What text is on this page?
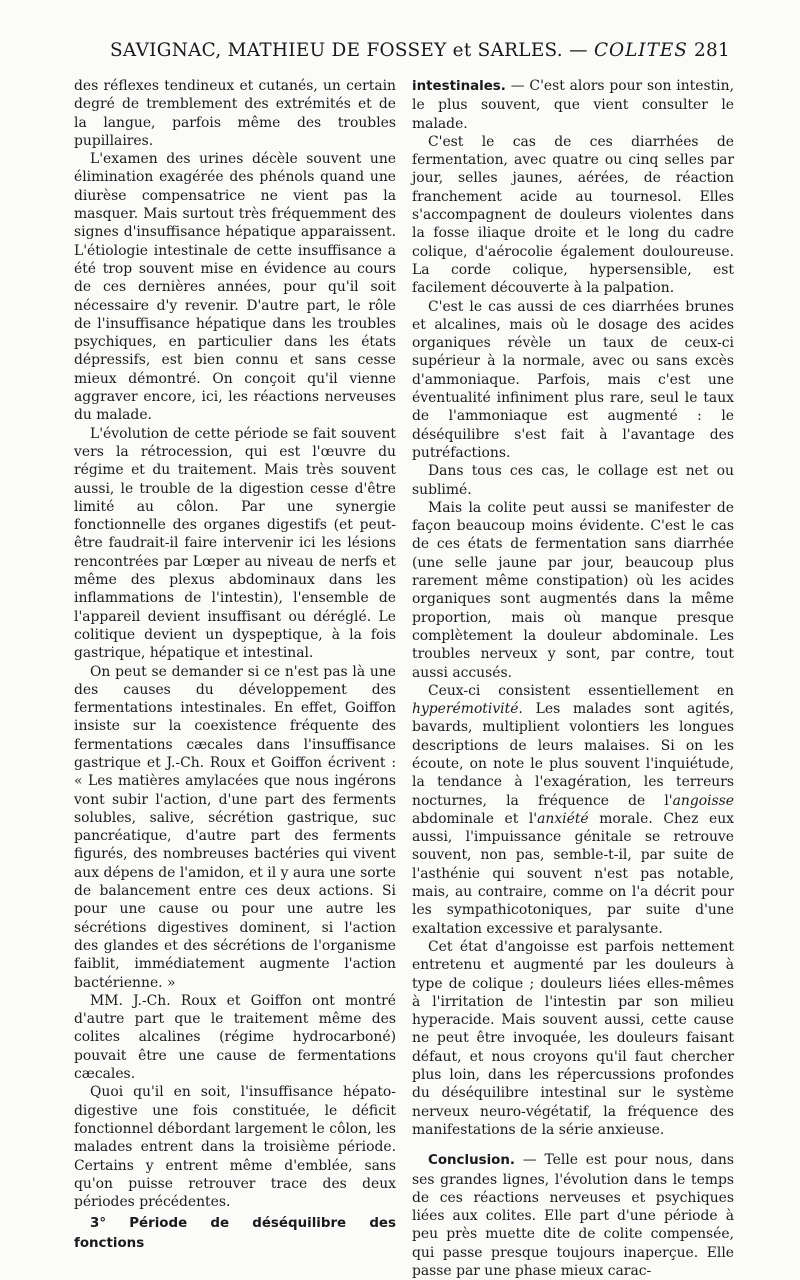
SAVIGNAC, MATHIEU DE FOSSEY et SARLES. — COLITES 281

des réflexes tendineux et cutanés, un certain degré de tremblement des extrémités et de la langue, parfois même des troubles pupillaires.

L'examen des urines décèle souvent une élimination exagérée des phénols quand une diurèse compensatrice ne vient pas la masquer. Mais surtout très fréquemment des signes d'insuffisance hépatique apparaissent. L'étiologie intestinale de cette insuffisance a été trop souvent mise en évidence au cours de ces dernières années, pour qu'il soit nécessaire d'y revenir. D'autre part, le rôle de l'insuffisance hépatique dans les troubles psychiques, en particulier dans les états dépressifs, est bien connu et sans cesse mieux démontré. On conçoit qu'il vienne aggraver encore, ici, les réactions nerveuses du malade.

L'évolution de cette période se fait souvent vers la rétrocession, qui est l'œuvre du régime et du traitement. Mais très souvent aussi, le trouble de la digestion cesse d'être limité au côlon. Par une synergie fonctionnelle des organes digestifs (et peut-être faudrait-il faire intervenir ici les lésions rencontrées par Lœper au niveau de nerfs et même des plexus abdominaux dans les inflammations de l'intestin), l'ensemble de l'appareil devient insuffisant ou déréglé. Le colitique devient un dyspeptique, à la fois gastrique, hépatique et intestinal.

On peut se demander si ce n'est pas là une des causes du développement des fermentations intestinales. En effet, Goiffon insiste sur la coexistence fréquente des fermentations cæcales dans l'insuffisance gastrique et J.-Ch. Roux et Goiffon écrivent : « Les matières amylacées que nous ingérons vont subir l'action, d'une part des ferments solubles, salive, sécrétion gastrique, suc pancréatique, d'autre part des ferments figurés, des nombreuses bactéries qui vivent aux dépens de l'amidon, et il y aura une sorte de balancement entre ces deux actions. Si pour une cause ou pour une autre les sécrétions digestives dominent, si l'action des glandes et des sécrétions de l'organisme faiblit, immédiatement augmente l'action bactérienne. »

MM. J.-Ch. Roux et Goiffon ont montré d'autre part que le traitement même des colites alcalines (régime hydrocarboné) pouvait être une cause de fermentations cæcales.

Quoi qu'il en soit, l'insuffisance hépato-digestive une fois constituée, le déficit fonctionnel débordant largement le côlon, les malades entrent dans la troisième période. Certains y entrent même d'emblée, sans qu'on puisse retrouver trace des deux périodes précédentes.

3° Période de déséquilibre des fonctions

intestinales. — C'est alors pour son intestin, le plus souvent, que vient consulter le malade.

C'est le cas de ces diarrhées de fermentation, avec quatre ou cinq selles par jour, selles jaunes, aérées, de réaction franchement acide au tournesol. Elles s'accompagnent de douleurs violentes dans la fosse iliaque droite et le long du cadre colique, d'aérocolie également douloureuse. La corde colique, hypersensible, est facilement découverte à la palpation.

C'est le cas aussi de ces diarrhées brunes et alcalines, mais où le dosage des acides organiques révèle un taux de ceux-ci supérieur à la normale, avec ou sans excès d'ammoniaque. Parfois, mais c'est une éventualité infiniment plus rare, seul le taux de l'ammoniaque est augmenté : le déséquilibre s'est fait à l'avantage des putréfactions.

Dans tous ces cas, le collage est net ou sublimé.

Mais la colite peut aussi se manifester de façon beaucoup moins évidente. C'est le cas de ces états de fermentation sans diarrhée (une selle jaune par jour, beaucoup plus rarement même constipation) où les acides organiques sont augmentés dans la même proportion, mais où manque presque complètement la douleur abdominale. Les troubles nerveux y sont, par contre, tout aussi accusés.

Ceux-ci consistent essentiellement en hyperémotivité. Les malades sont agités, bavards, multiplient volontiers les longues descriptions de leurs malaises. Si on les écoute, on note le plus souvent l'inquiétude, la tendance à l'exagération, les terreurs nocturnes, la fréquence de l'angoisse abdominale et l'anxiété morale. Chez eux aussi, l'impuissance génitale se retrouve souvent, non pas, semble-t-il, par suite de l'asthénie qui souvent n'est pas notable, mais, au contraire, comme on l'a décrit pour les sympathicotoniques, par suite d'une exaltation excessive et paralysante.

Cet état d'angoisse est parfois nettement entretenu et augmenté par les douleurs à type de colique ; douleurs liées elles-mêmes à l'irritation de l'intestin par son milieu hyperacide. Mais souvent aussi, cette cause ne peut être invoquée, les douleurs faisant défaut, et nous croyons qu'il faut chercher plus loin, dans les répercussions profondes du déséquilibre intestinal sur le système nerveux neuro-végétatif, la fréquence des manifestations de la série anxieuse.

Conclusion. — Telle est pour nous, dans ses grandes lignes, l'évolution dans le temps de ces réactions nerveuses et psychiques liées aux colites. Elle part d'une période à peu près muette dite de colite compensée, qui passe presque toujours inaperçue. Elle passe par une phase mieux carac-
